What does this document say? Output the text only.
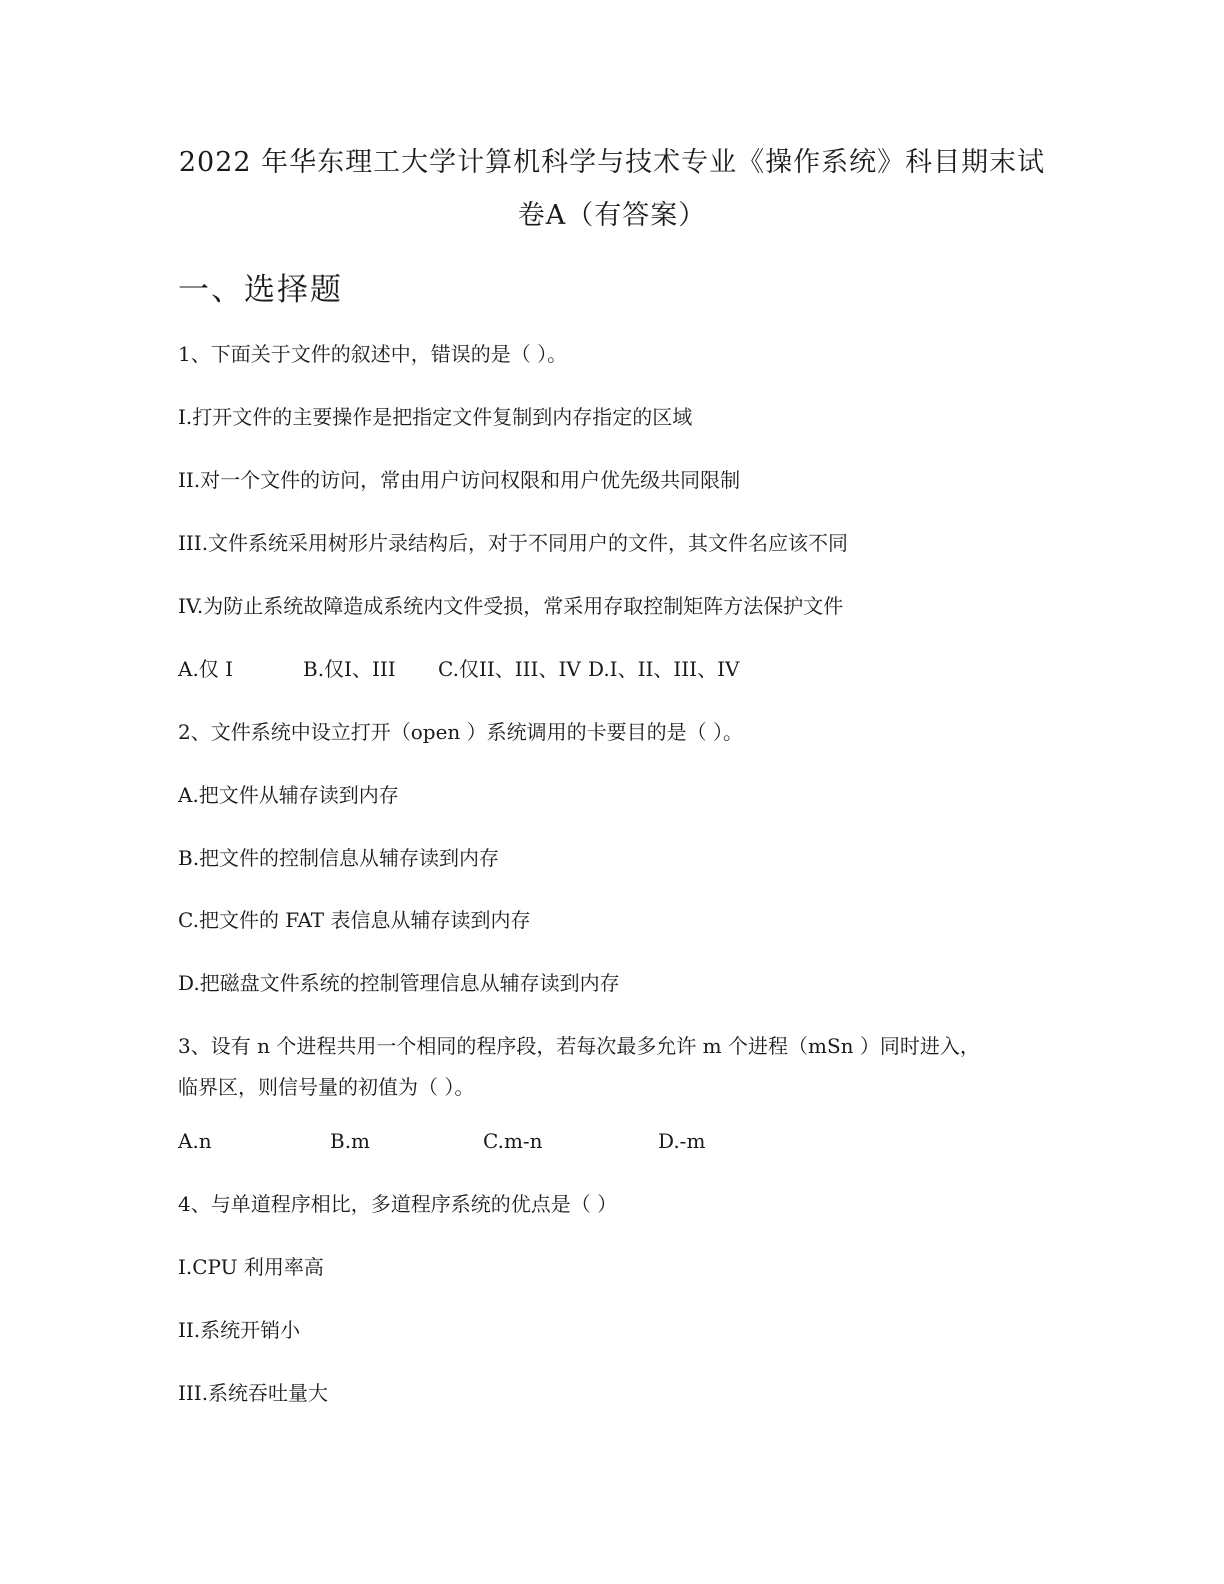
2022 年华东理工大学计算机科学与技术专业《操作系统》科目期末试
卷A（有答案）
一、选择题
1、下面关于文件的叙述中，错误的是（ ）。
I.打开文件的主要操作是把指定文件复制到内存指定的区域
II.对一个文件的访问，常由用户访问权限和用户优先级共同限制
III.文件系统采用树形片录结构后，对于不同用户的文件，其文件名应该不同
IV.为防止系统故障造成系统内文件受损，常采用存取控制矩阵方法保护文件
A.仅 I	B.仅I、III C.仅II、III、IV D.I、II、III、IV
2、文件系统中设立打开（open ）系统调用的卡要目的是（ ）。
A.把文件从辅存读到内存
B.把文件的控制信息从辅存读到内存
C.把文件的 FAT 表信息从辅存读到内存
D.把磁盘文件系统的控制管理信息从辅存读到内存
3、设有 n 个进程共用一个相同的程序段，若每次最多允许 m 个进程（mSn ）同时进入，
临界区，则信号量的初值为（ ）。
A.n	B.m	C.m-n	D.-m
4、与单道程序相比，多道程序系统的优点是（ ）
I.CPU 利用率高
II.系统开销小
III.系统吞吐量大
